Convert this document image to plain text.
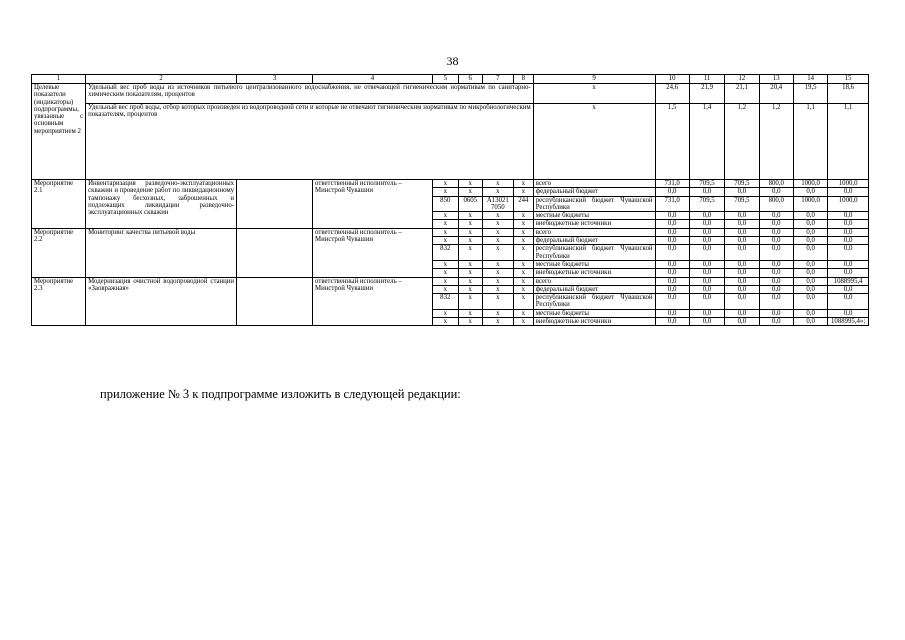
38
1	2	3	4	5	6	7	8	9	10	11	12	13	14	15
Целевые показатели (индикаторы) подпрограммы, увязанные с основным мероприятием 2	Удельный вес проб воды из источников питьевого централизованного водоснабжения, не отвечающей гигиеническим нормативам по санитарно-химическим показателям, процентов							x	24,6	21,9	21,1	20,4	19,5	18,6
	Удельный вес проб воды, отбор которых произведен из водопроводной сети и которые не отвечают гигиеническим нормативам по микробиологическим показателям, процентов							x	1,5	1,4	1,2	1,2	1,1	1,1
Мероприятие 2.1	Инвентаризация разведочно-эксплуатационных скважин и проведение работ по ликвидационному тампонажу бесхозных, заброшенных и подлежащих ликвидации разведочно-эксплуатационных скважин		ответственный исполнитель – Минстрой Чувашии	x	x	x	x	всего	731,0	709,5	709,5	800,0	1000,0	1000,0
				x	x	x	x	федеральный бюджет	0,0	0,0	0,0	0,0	0,0	0,0
				850	0605	А13021 7050	244	республиканский бюджет Чувашской Республики	731,0	709,5	709,5	800,0	1000,0	1000,0
				x	x	x	x	местные бюджеты	0,0	0,0	0,0	0,0	0,0	0,0
				x	x	x	x	внебюджетные источники	0,0	0,0	0,0	0,0	0,0	0,0
Мероприятие 2.2	Мониторинг качества питьевой воды		ответственный исполнитель – Минстрой Чувашии	x	x	x	x	всего	0,0	0,0	0,0	0,0	0,0	0,0
				x	x	x	x	федеральный бюджет	0,0	0,0	0,0	0,0	0,0	0,0
				832	x	x	x	республиканский бюджет Чувашской Республики	0,0	0,0	0,0	0,0	0,0	0,0
				x	x	x	x	местные бюджеты	0,0	0,0	0,0	0,0	0,0	0,0
				x	x	x	x	внебюджетные источники	0,0	0,0	0,0	0,0	0,0	0,0
Мероприятие 2.3	Модернизация очистной водопроводной станции «Заовражная»		ответственный исполнитель – Минстрой Чувашии	x	x	x	x	всего	0,0	0,0	0,0	0,0	0,0	1088995,4
				x	x	x	x	федеральный бюджет	0,0	0,0	0,0	0,0	0,0	0,0
				832	x	x	x	республиканский бюджет Чувашской Республики	0,0	0,0	0,0	0,0	0,0	0,0
				x	x	x	x	местные бюджеты	0,0	0,0	0,0	0,0	0,0	0,0
				x	x	x	x	внебюджетные источники	0,0	0,0	0,0	0,0	0,0	1088995,4»;
приложение № 3 к подпрограмме изложить в следующей редакции:
